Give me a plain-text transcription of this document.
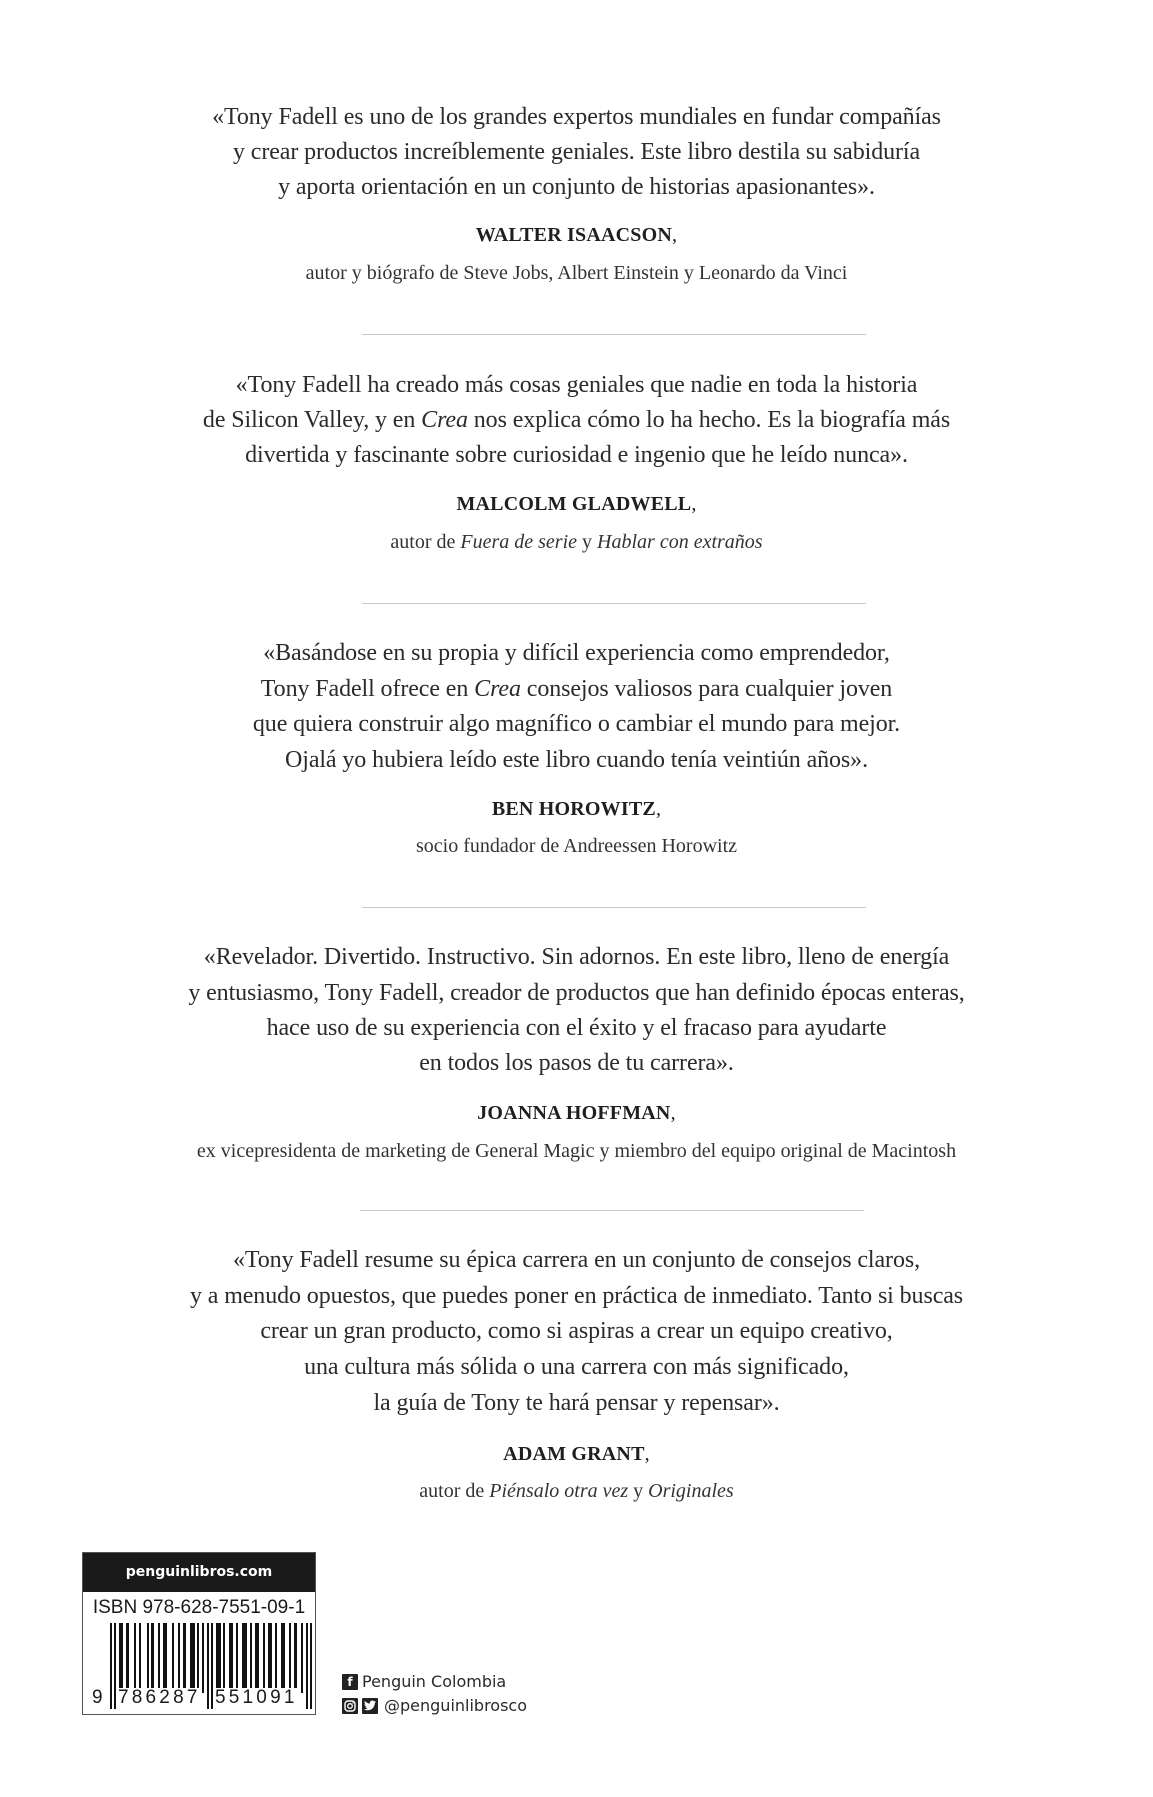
«Tony Fadell es uno de los grandes expertos mundiales en fundar compañías
y crear productos increíblemente geniales. Este libro destila su sabiduría
y aporta orientación en un conjunto de historias apasionantes».
WALTER ISAACSON,
autor y biógrafo de Steve Jobs, Albert Einstein y Leonardo da Vinci
«Tony Fadell ha creado más cosas geniales que nadie en toda la historia
de Silicon Valley, y en Crea nos explica cómo lo ha hecho. Es la biografía más
divertida y fascinante sobre curiosidad e ingenio que he leído nunca».
MALCOLM GLADWELL,
autor de Fuera de serie y Hablar con extraños
«Basándose en su propia y difícil experiencia como emprendedor,
Tony Fadell ofrece en Crea consejos valiosos para cualquier joven
que quiera construir algo magnífico o cambiar el mundo para mejor.
Ojalá yo hubiera leído este libro cuando tenía veintiún años».
BEN HOROWITZ,
socio fundador de Andreessen Horowitz
«Revelador. Divertido. Instructivo. Sin adornos. En este libro, lleno de energía
y entusiasmo, Tony Fadell, creador de productos que han definido épocas enteras,
hace uso de su experiencia con el éxito y el fracaso para ayudarte
en todos los pasos de tu carrera».
JOANNA HOFFMAN,
ex vicepresidenta de marketing de General Magic y miembro del equipo original de Macintosh
«Tony Fadell resume su épica carrera en un conjunto de consejos claros,
y a menudo opuestos, que puedes poner en práctica de inmediato. Tanto si buscas
crear un gran producto, como si aspiras a crear un equipo creativo,
una cultura más sólida o una carrera con más significado,
la guía de Tony te hará pensar y repensar».
ADAM GRANT,
autor de Piénsalo otra vez y Originales
penguinlibros.com
ISBN 978-628-7551-09-1
9 786287 551091
f Penguin Colombia
@penguinlibrosco
